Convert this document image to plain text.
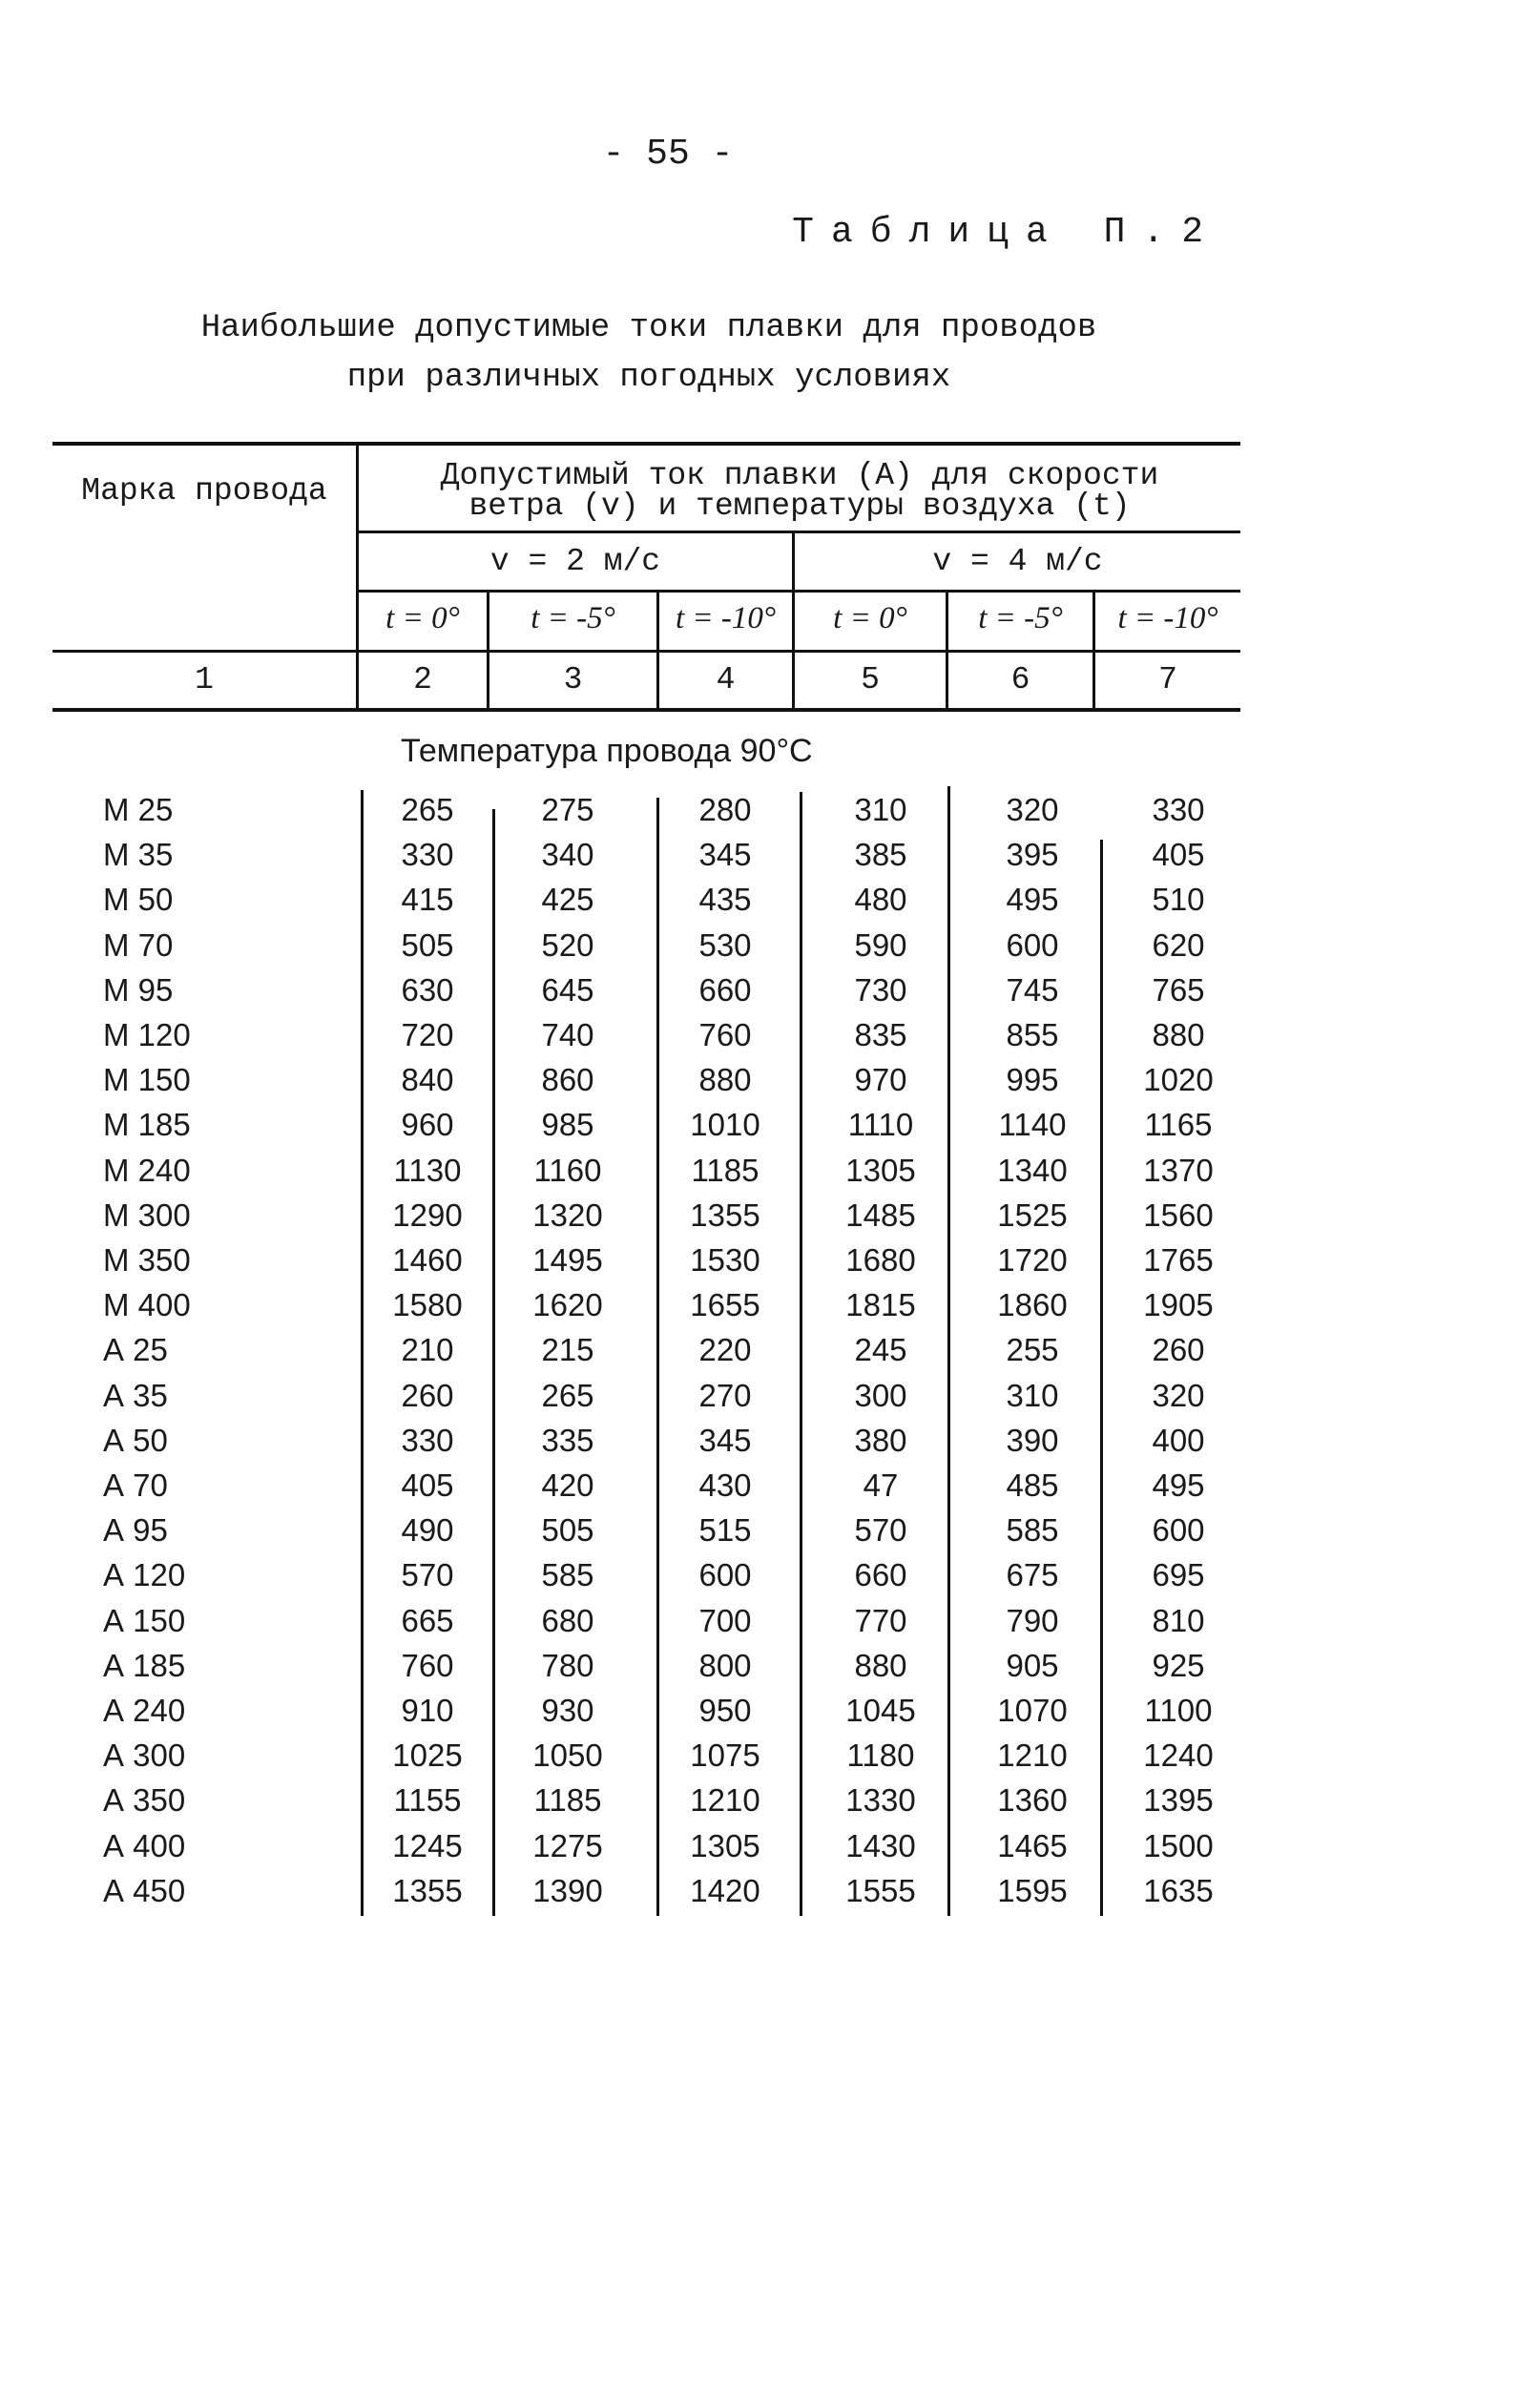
- 55 -
Таблица П.2
Наибольшие допустимые токи плавки для проводов
при различных погодных условиях
Марка провода	Допустимый ток плавки (А) для скорости
ветра (v) и температуры воздуха (t)
v = 2 м/с	v = 4 м/с
t = 0°	t = -5°	t = -10°	t = 0°	t = -5°	t = -10°
1	2	3	4	5	6	7
Температура провода 90°C
М 25	265	275	280	310	320	330
М 35	330	340	345	385	395	405
М 50	415	425	435	480	495	510
М 70	505	520	530	590	600	620
М 95	630	645	660	730	745	765
М 120	720	740	760	835	855	880
М 150	840	860	880	970	995	1020
М 185	960	985	1010	1110	1140	1165
М 240	1130	1160	1185	1305	1340	1370
М 300	1290	1320	1355	1485	1525	1560
М 350	1460	1495	1530	1680	1720	1765
М 400	1580	1620	1655	1815	1860	1905
А 25	210	215	220	245	255	260
А 35	260	265	270	300	310	320
А 50	330	335	345	380	390	400
А 70	405	420	430	47	485	495
А 95	490	505	515	570	585	600
А 120	570	585	600	660	675	695
А 150	665	680	700	770	790	810
А 185	760	780	800	880	905	925
А 240	910	930	950	1045	1070	1100
А 300	1025	1050	1075	1180	1210	1240
А 350	1155	1185	1210	1330	1360	1395
А 400	1245	1275	1305	1430	1465	1500
А 450	1355	1390	1420	1555	1595	1635
